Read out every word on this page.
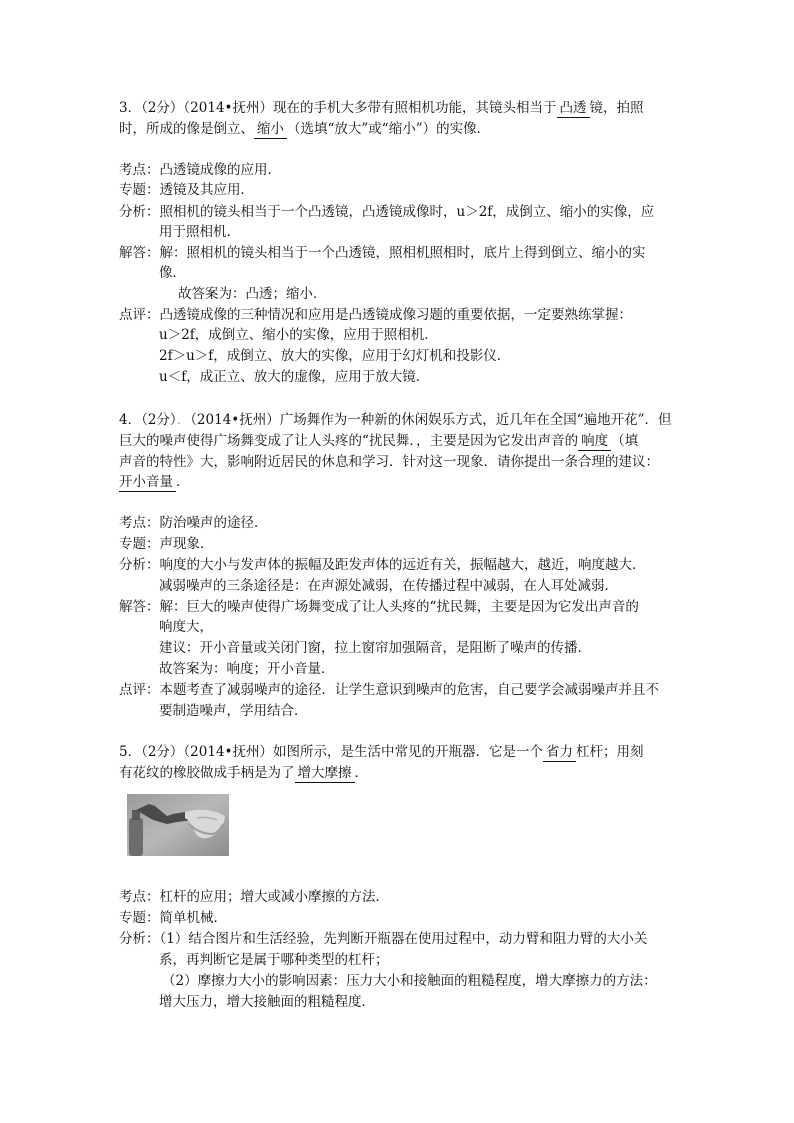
3．（2分）（2014•抚州）现在的手机大多带有照相机功能，其镜头相当于 凸透 镜，拍照
时，所成的像是倒立、 缩小 （选填“放大”或“缩小”）的实像．
考点：凸透镜成像的应用．
专题：透镜及其应用．
分析：照相机的镜头相当于一个凸透镜，凸透镜成像时，u＞2f，成倒立、缩小的实像，应
用于照相机．
解答：解：照相机的镜头相当于一个凸透镜，照相机照相时，底片上得到倒立、缩小的实
像．
故答案为：凸透；缩小．
点评：凸透镜成像的三种情况和应用是凸透镜成像习题的重要依据，一定要熟练掌握：
u＞2f，成倒立、缩小的实像，应用于照相机．
2f＞u＞f，成倒立、放大的实像，应用于幻灯机和投影仪．
u＜f，成正立、放大的虚像，应用于放大镜．
4．（2分）．（2014•抚州）广场舞作为一种新的休闲娱乐方式，近几年在全国“遍地开花”．但
巨大的噪声使得广场舞变成了让人头疼的“扰民舞．，主要是因为它发出声音的 响度 （填
声音的特性》大，影响附近居民的休息和学习．针对这一现象．请你提出一条合理的建议：
开小音量 ．
考点：防治噪声的途径．
专题：声现象．
分析：响度的大小与发声体的振幅及距发声体的远近有关，振幅越大，越近，响度越大．
减弱噪声的三条途径是：在声源处减弱，在传播过程中减弱，在人耳处减弱．
解答：解：巨大的噪声使得广场舞变成了让人头疼的“扰民舞，主要是因为它发出声音的
响度大，
建议：开小音量或关闭门窗，拉上窗帘加强隔音，是阻断了噪声的传播．
故答案为：响度；开小音量．
点评：本题考查了减弱噪声的途径．让学生意识到噪声的危害，自己要学会减弱噪声并且不
要制造噪声，学用结合．
5．（2分）（2014•抚州）如图所示，是生活中常见的开瓶器．它是一个 省力 杠杆；用刻
有花纹的橡胶做成手柄是为了 增大摩擦 ．
考点：杠杆的应用；增大或减小摩擦的方法．
专题：简单机械．
分析：（1）结合图片和生活经验，先判断开瓶器在使用过程中，动力臂和阻力臂的大小关
系，再判断它是属于哪种类型的杠杆；
（2）摩擦力大小的影响因素：压力大小和接触面的粗糙程度，增大摩擦力的方法：
增大压力，增大接触面的粗糙程度．
